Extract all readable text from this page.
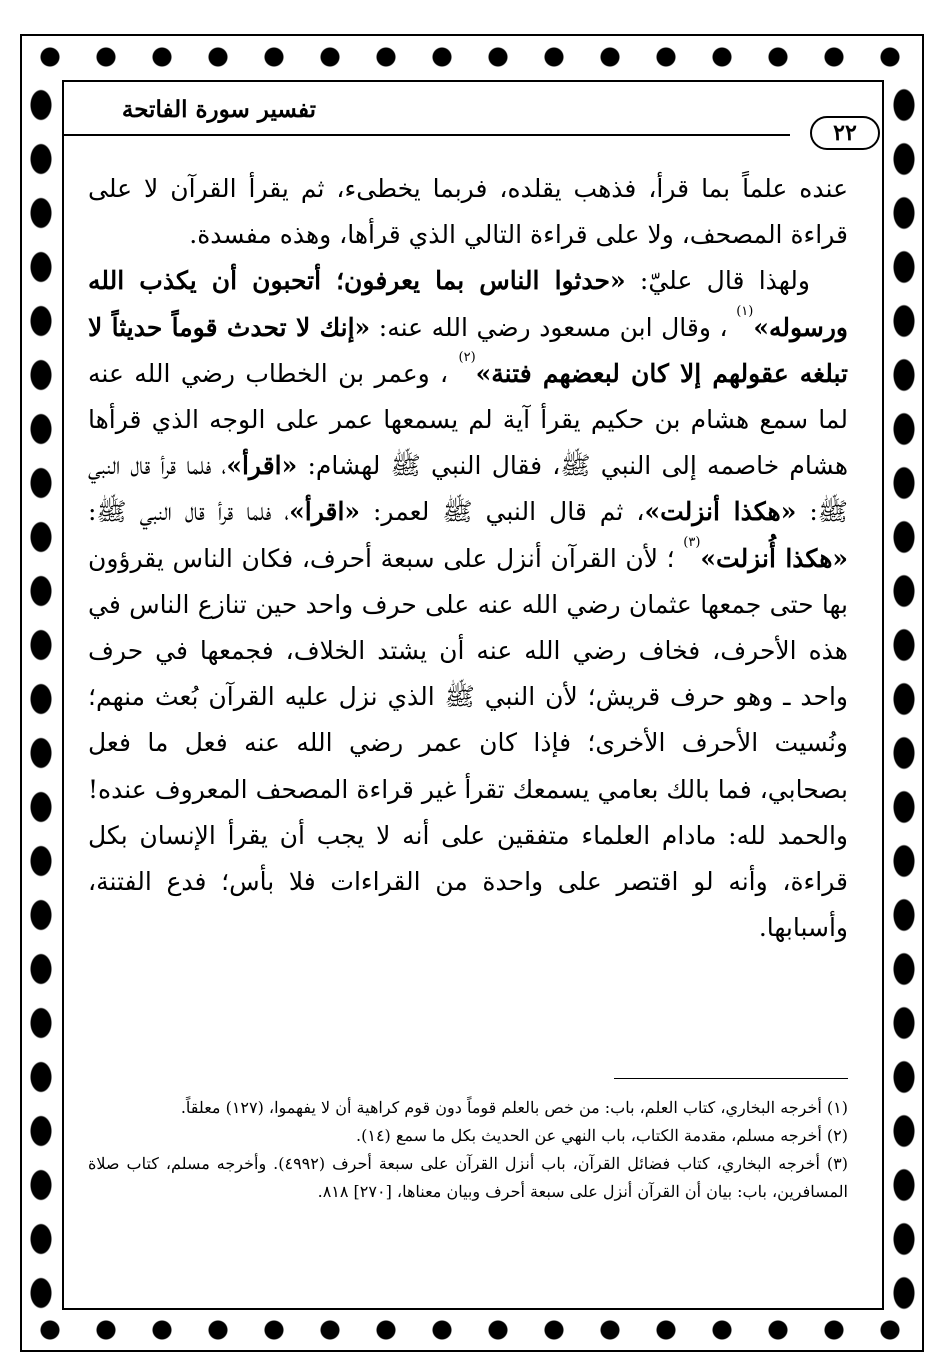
تفسير سورة الفاتحة
٢٢

عنده علماً بما قرأ، فذهب يقلده، فربما يخطىء، ثم يقرأ القرآن لا على قراءة المصحف، ولا على قراءة التالي الذي قرأها، وهذه مفسدة.

ولهذا قال عليّ: «حدثوا الناس بما يعرفون؛ أتحبون أن يكذب الله ورسوله»$^{(١)}$ ، وقال ابن مسعود رضي الله عنه: «إنك لا تحدث قوماً حديثاً لا تبلغه عقولهم إلا كان لبعضهم فتنة»$^{(٢)}$ ، وعمر بن الخطاب رضي الله عنه لما سمع هشام بن حكيم يقرأ آية لم يسمعها عمر على الوجه الذي قرأها هشام خاصمه إلى النبي ﷺ، فقال النبي ﷺ لهشام: «اقرأ»، فلما قرأ قال النبي ﷺ: «هكذا أنزلت»، ثم قال النبي ﷺ لعمر: «اقرأ»، فلما قرأ قال النبي ﷺ: «هكذا أُنزلت»$^{(٣)}$ ؛ لأن القرآن أنزل على سبعة أحرف، فكان الناس يقرؤون بها حتى جمعها عثمان رضي الله عنه على حرف واحد حين تنازع الناس في هذه الأحرف، فخاف رضي الله عنه أن يشتد الخلاف، فجمعها في حرف واحد ـ وهو حرف قريش؛ لأن النبي ﷺ الذي نزل عليه القرآن بُعث منهم؛ ونُسيت الأحرف الأخرى؛ فإذا كان عمر رضي الله عنه فعل ما فعل بصحابي، فما بالك بعامي يسمعك تقرأ غير قراءة المصحف المعروف عنده! والحمد لله: مادام العلماء متفقين على أنه لا يجب أن يقرأ الإنسان بكل قراءة، وأنه لو اقتصر على واحدة من القراءات فلا بأس؛ فدع الفتنة، وأسبابها.

(١) أخرجه البخاري، كتاب العلم، باب: من خص بالعلم قوماً دون قوم كراهية أن لا يفهموا، (١٢٧) معلقاً.

(٢) أخرجه مسلم، مقدمة الكتاب، باب النهي عن الحديث بكل ما سمع (١٤).

(٣) أخرجه البخاري، كتاب فضائل القرآن، باب أنزل القرآن على سبعة أحرف (٤٩٩٢). وأخرجه مسلم، كتاب صلاة المسافرين، باب: بيان أن القرآن أنزل على سبعة أحرف وبيان معناها، [٢٧٠] ٨١٨.
